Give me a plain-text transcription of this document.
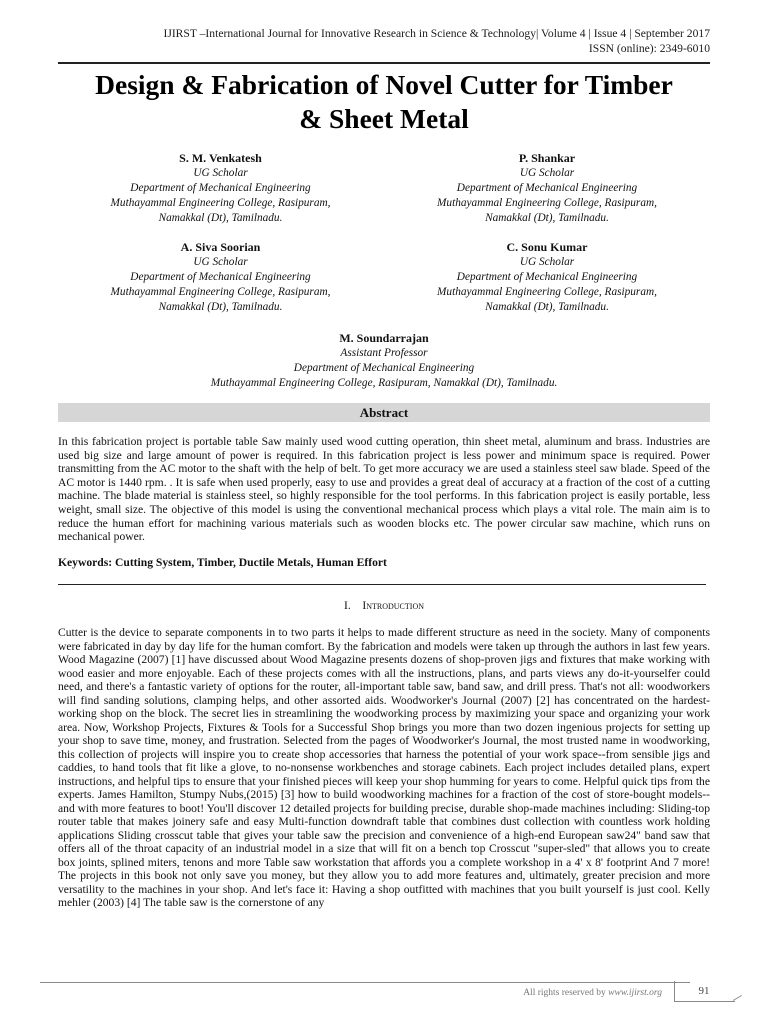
IJIRST –International Journal for Innovative Research in Science & Technology| Volume 4 | Issue 4 | September 2017
ISSN (online): 2349-6010
Design & Fabrication of Novel Cutter for Timber
& Sheet Metal
S. M. Venkatesh
UG Scholar
Department of Mechanical Engineering
Muthayammal Engineering College, Rasipuram,
Namakkal (Dt), Tamilnadu.
P. Shankar
UG Scholar
Department of Mechanical Engineering
Muthayammal Engineering College, Rasipuram,
Namakkal (Dt), Tamilnadu.
A. Siva Soorian
UG Scholar
Department of Mechanical Engineering
Muthayammal Engineering College, Rasipuram,
Namakkal (Dt), Tamilnadu.
C. Sonu Kumar
UG Scholar
Department of Mechanical Engineering
Muthayammal Engineering College, Rasipuram,
Namakkal (Dt), Tamilnadu.
M. Soundarrajan
Assistant Professor
Department of Mechanical Engineering
Muthayammal Engineering College, Rasipuram, Namakkal (Dt), Tamilnadu.
Abstract
In this fabrication project is portable table Saw mainly used wood cutting operation, thin sheet metal, aluminum and brass. Industries are used big size and large amount of power is required. In this fabrication project is less power and minimum space is required. Power transmitting from the AC motor to the shaft with the help of belt. To get more accuracy we are used a stainless steel saw blade. Speed of the AC motor is 1440 rpm. . It is safe when used properly, easy to use and provides a great deal of accuracy at a fraction of the cost of a cutting machine. The blade material is stainless steel, so highly responsible for the tool performs. In this fabrication project is easily portable, less weight, small size. The objective of this model is using the conventional mechanical process which plays a vital role. The main aim is to reduce the human effort for machining various materials such as wooden blocks etc. The power circular saw machine, which runs on mechanical power.
Keywords: Cutting System, Timber, Ductile Metals, Human Effort
I. Introduction
Cutter is the device to separate components in to two parts it helps to made different structure as need in the society. Many of components were fabricated in day by day life for the human comfort. By the fabrication and models were taken up through the authors in last few years. Wood Magazine (2007) [1] have discussed about Wood Magazine presents dozens of shop-proven jigs and fixtures that make working with wood easier and more enjoyable. Each of these projects comes with all the instructions, plans, and parts views any do-it-yourselfer could need, and there's a fantastic variety of options for the router, all-important table saw, band saw, and drill press. That's not all: woodworkers will find sanding solutions, clamping helps, and other assorted aids. Woodworker's Journal (2007) [2] has concentrated on the hardest-working shop on the block. The secret lies in streamlining the woodworking process by maximizing your space and organizing your work area. Now, Workshop Projects, Fixtures & Tools for a Successful Shop brings you more than two dozen ingenious projects for setting up your shop to save time, money, and frustration. Selected from the pages of Woodworker's Journal, the most trusted name in woodworking, this collection of projects will inspire you to create shop accessories that harness the potential of your work space--from sensible jigs and caddies, to hand tools that fit like a glove, to no-nonsense workbenches and storage cabinets. Each project includes detailed plans, expert instructions, and helpful tips to ensure that your finished pieces will keep your shop humming for years to come. Helpful quick tips from the experts. James Hamilton, Stumpy Nubs,(2015) [3] how to build woodworking machines for a fraction of the cost of store-bought models--and with more features to boot! You'll discover 12 detailed projects for building precise, durable shop-made machines including: Sliding-top router table that makes joinery safe and easy Multi-function downdraft table that combines dust collection with countless work holding applications Sliding crosscut table that gives your table saw the precision and convenience of a high-end European saw24" band saw that offers all of the throat capacity of an industrial model in a size that will fit on a bench top Crosscut "super-sled" that allows you to create box joints, splined miters, tenons and more Table saw workstation that affords you a complete workshop in a 4' x 8' footprint And 7 more! The projects in this book not only save you money, but they allow you to add more features and, ultimately, greater precision and more versatility to the machines in your shop. And let's face it: Having a shop outfitted with machines that you built yourself is just cool. Kelly mehler (2003) [4] The table saw is the cornerstone of any
All rights reserved by www.ijirst.org	91
